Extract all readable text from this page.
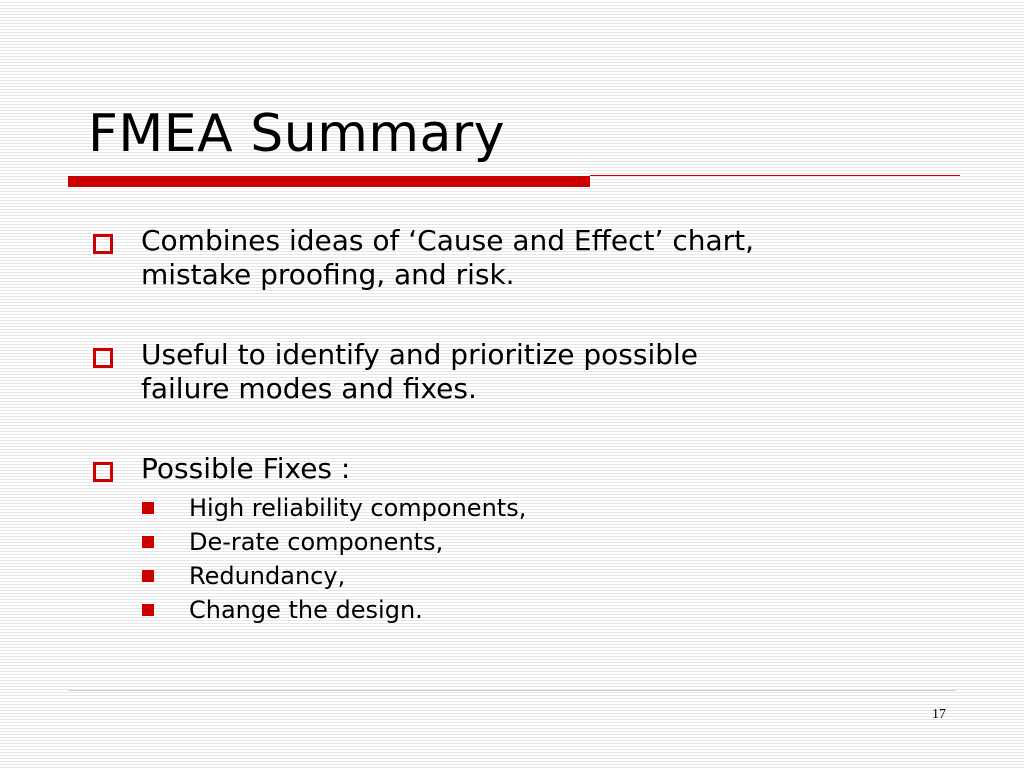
FMEA Summary
Combines ideas of ‘Cause and Effect’ chart,
mistake proofing, and risk.
Useful to identify and prioritize possible
failure modes and fixes.
Possible Fixes :
High reliability components,
De-rate components,
Redundancy,
Change the design.
17
